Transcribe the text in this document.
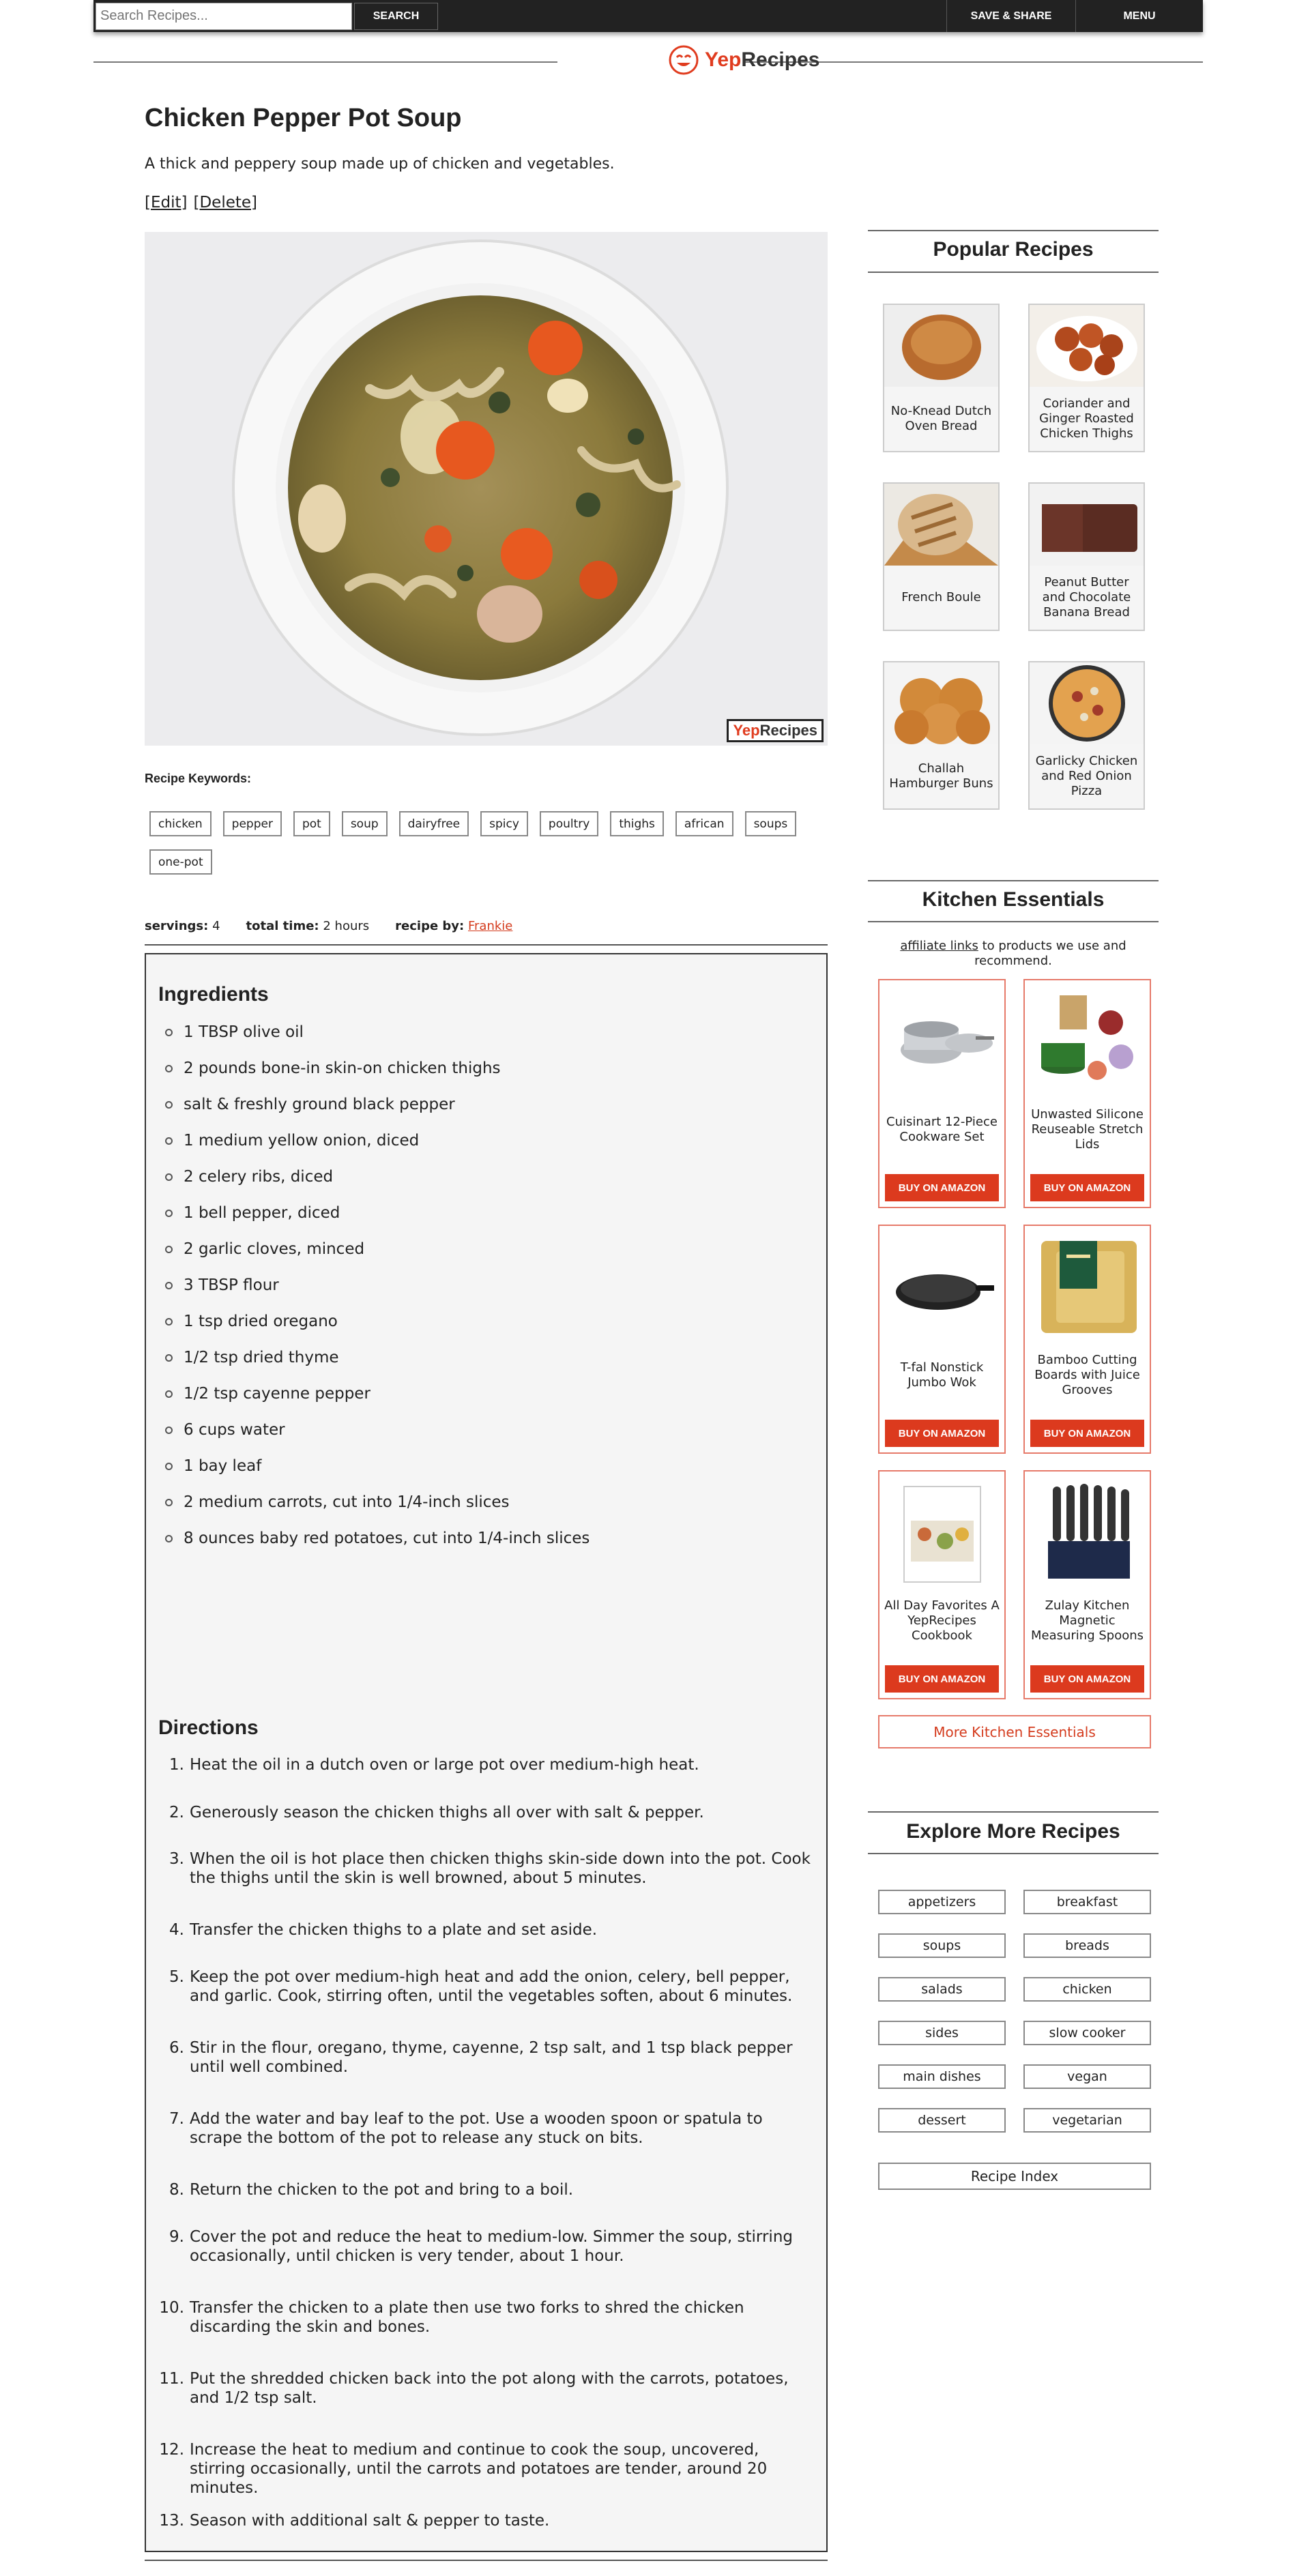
Search Recipes...
SEARCH	SAVE & SHARE	MENU
YepRecipes
Chicken Pepper Pot Soup

A thick and peppery soup made up of chicken and vegetables.

[Edit] [Delete]
YepRecipes
Recipe Keywords:
chicken	pepper	pot	soup	dairyfree	spicy	poultry	thighs	african	soups
one-pot
servings: 4 total time: 2 hours recipe by: Frankie
Ingredients
1 TBSP olive oil
2 pounds bone-in skin-on chicken thighs
salt & freshly ground black pepper
1 medium yellow onion, diced
2 celery ribs, diced
1 bell pepper, diced
2 garlic cloves, minced
3 TBSP flour
1 tsp dried oregano
1/2 tsp dried thyme
1/2 tsp cayenne pepper
6 cups water
1 bay leaf
2 medium carrots, cut into 1/4-inch slices
8 ounces baby red potatoes, cut into 1/4-inch slices
Directions
1. Heat the oil in a dutch oven or large pot over medium-high heat.
2. Generously season the chicken thighs all over with salt & pepper.
3. When the oil is hot place then chicken thighs skin-side down into the pot. Cook the thighs until the skin is well browned, about 5 minutes.
4. Transfer the chicken thighs to a plate and set aside.
5. Keep the pot over medium-high heat and add the onion, celery, bell pepper, and garlic. Cook, stirring often, until the vegetables soften, about 6 minutes.
6. Stir in the flour, oregano, thyme, cayenne, 2 tsp salt, and 1 tsp black pepper until well combined.
7. Add the water and bay leaf to the pot. Use a wooden spoon or spatula to scrape the bottom of the pot to release any stuck on bits.
8. Return the chicken to the pot and bring to a boil.
9. Cover the pot and reduce the heat to medium-low. Simmer the soup, stirring occasionally, until chicken is very tender, about 1 hour.
10. Transfer the chicken to a plate then use two forks to shred the chicken discarding the skin and bones.
11. Put the shredded chicken back into the pot along with the carrots, potatoes, and 1/2 tsp salt.
12. Increase the heat to medium and continue to cook the soup, uncovered, stirring occasionally, until the carrots and potatoes are tender, around 20 minutes.
13. Season with additional salt & pepper to taste.
Popular Recipes
No-Knead Dutch Oven Bread
Coriander and Ginger Roasted Chicken Thighs
French Boule
Peanut Butter and Chocolate Banana Bread
Challah Hamburger Buns
Garlicky Chicken and Red Onion Pizza
Kitchen Essentials
affiliate links to products we use and recommend.
Cuisinart 12-Piece Cookware Set
BUY ON AMAZON
Unwasted Silicone Reuseable Stretch Lids
BUY ON AMAZON
T-fal Nonstick Jumbo Wok
BUY ON AMAZON
Bamboo Cutting Boards with Juice Grooves
BUY ON AMAZON
All Day Favorites A YepRecipes Cookbook
BUY ON AMAZON
Zulay Kitchen Magnetic Measuring Spoons
BUY ON AMAZON
More Kitchen Essentials
Explore More Recipes
appetizers	breakfast
soups	breads
salads	chicken
sides	slow cooker
main dishes	vegan
dessert	vegetarian
Recipe Index
